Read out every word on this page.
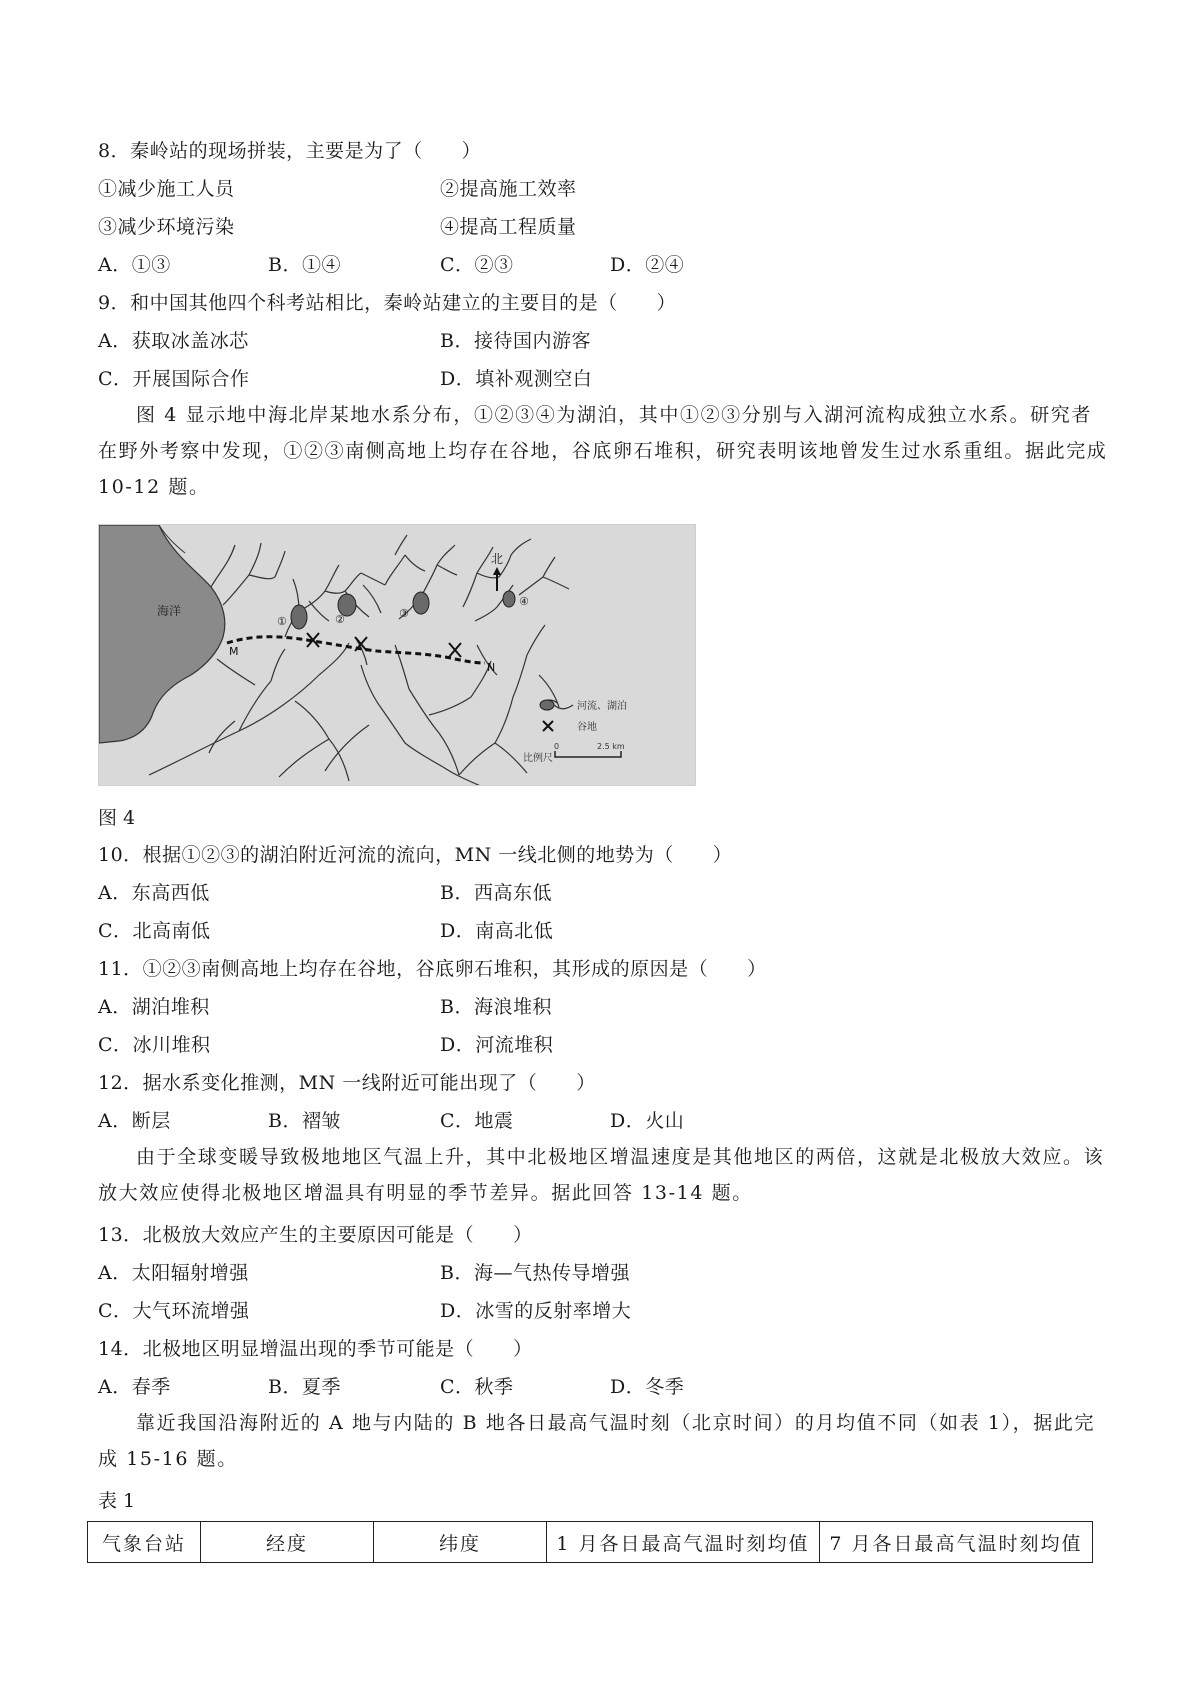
8．秦岭站的现场拼装，主要是为了（　　）
①减少施工人员	②提高施工效率
③减少环境污染	④提高工程质量
A．①③	B．①④	C．②③	D．②④
9．和中国其他四个科考站相比，秦岭站建立的主要目的是（　　）
A．获取冰盖冰芯	B．接待国内游客
C．开展国际合作	D．填补观测空白
图 4 显示地中海北岸某地水系分布，①②③④为湖泊，其中①②③分别与入湖河流构成独立水系。研究者在野外考察中发现，①②③南侧高地上均存在谷地，谷底卵石堆积，研究表明该地曾发生过水系重组。据此完成 10-12 题。
海洋
①	②	③
④
M
N
北
河流、湖泊
谷地
比例尺
0	2.5 km
图 4
10．根据①②③的湖泊附近河流的流向，MN 一线北侧的地势为（　　）
A．东高西低	B．西高东低
C．北高南低	D．南高北低
11．①②③南侧高地上均存在谷地，谷底卵石堆积，其形成的原因是（　　）
A．湖泊堆积	B．海浪堆积
C．冰川堆积	D．河流堆积
12．据水系变化推测，MN 一线附近可能出现了（　　）
A．断层	B．褶皱	C．地震	D．火山
由于全球变暖导致极地地区气温上升，其中北极地区增温速度是其他地区的两倍，这就是北极放大效应。该放大效应使得北极地区增温具有明显的季节差异。据此回答 13-14 题。
13．北极放大效应产生的主要原因可能是（　　）
A．太阳辐射增强	B．海—气热传导增强
C．大气环流增强	D．冰雪的反射率增大
14．北极地区明显增温出现的季节可能是（　　）
A．春季	B．夏季	C．秋季	D．冬季
靠近我国沿海附近的 A 地与内陆的 B 地各日最高气温时刻（北京时间）的月均值不同（如表 1），据此完成 15-16 题。
表 1
气象台站	经度	纬度	1 月各日最高气温时刻均值	7 月各日最高气温时刻均值
